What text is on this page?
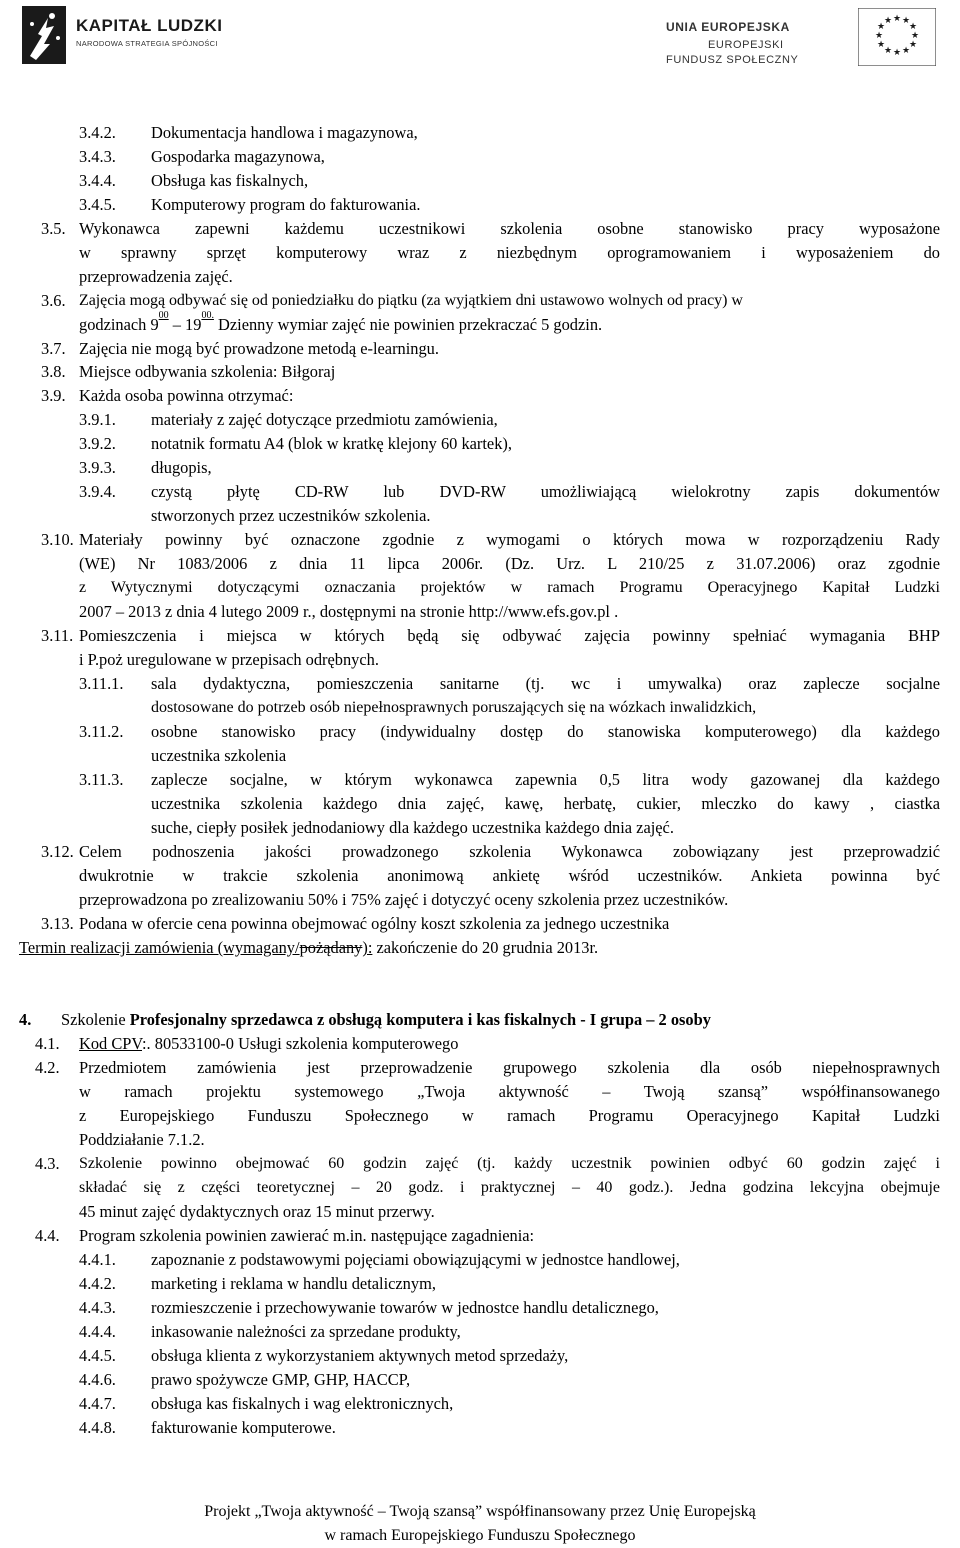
KAPITAŁ LUDZKI
NARODOWA STRATEGIA SPÓJNOŚCI
UNIA EUROPEJSKA
EUROPEJSKI
FUNDUSZ SPOŁECZNY
★ ★
★
★
★
★
★
★
★
★
★
★
3.4.2. Dokumentacja handlowa i magazynowa,
3.4.3. Gospodarka magazynowa,
3.4.4. Obsługa kas fiskalnych,
3.4.5. Komputerowy program do fakturowania.
3.5. Wykonawca zapewni każdemu uczestnikowi szkolenia osobne stanowisko pracy wyposażone
w sprawny sprzęt komputerowy wraz z niezbędnym oprogramowaniem i wyposażeniem do
przeprowadzenia zajęć.
3.6. Zajęcia mogą odbywać się od poniedziałku do piątku (za wyjątkiem dni ustawowo wolnych od pracy) w
godzinach $9^{00} - 19^{00.}$ Dzienny wymiar zajęć nie powinien przekraczać 5 godzin.
3.7. Zajęcia nie mogą być prowadzone metodą e-learningu.
3.8. Miejsce odbywania szkolenia: Biłgoraj
3.9. Każda osoba powinna otrzymać:
3.9.1. materiały z zajęć dotyczące przedmiotu zamówienia,
3.9.2. notatnik formatu A4 (blok w kratkę klejony 60 kartek),
3.9.3. długopis,
3.9.4. czystą płytę CD-RW lub DVD-RW umożliwiającą wielokrotny zapis dokumentów
stworzonych przez uczestników szkolenia.
3.10. Materiały powinny być oznaczone zgodnie z wymogami o których mowa w rozporządzeniu Rady
(WE) Nr 1083/2006 z dnia 11 lipca 2006r. (Dz. Urz. L 210/25 z 31.07.2006) oraz zgodnie
z Wytycznymi dotyczącymi oznaczania projektów w ramach Programu Operacyjnego Kapitał Ludzki
2007 – 2013 z dnia 4 lutego 2009 r., dostępnymi na stronie http://www.efs.gov.pl .
3.11. Pomieszczenia i miejsca w których będą się odbywać zajęcia powinny spełniać wymagania BHP
i P.poż uregulowane w przepisach odrębnych.
3.11.1. sala dydaktyczna, pomieszczenia sanitarne (tj. wc i umywalka) oraz zaplecze socjalne
dostosowane do potrzeb osób niepełnosprawnych poruszających się na wózkach inwalidzkich,
3.11.2. osobne stanowisko pracy (indywidualny dostęp do stanowiska komputerowego) dla każdego
uczestnika szkolenia
3.11.3. zaplecze socjalne, w którym wykonawca zapewnia 0,5 litra wody gazowanej dla każdego
uczestnika szkolenia każdego dnia zajęć, kawę, herbatę, cukier, mleczko do kawy , ciastka
suche, ciepły posiłek jednodaniowy dla każdego uczestnika każdego dnia zajęć.
3.12. Celem podnoszenia jakości prowadzonego szkolenia Wykonawca zobowiązany jest przeprowadzić
dwukrotnie w trakcie szkolenia anonimową ankietę wśród uczestników. Ankieta powinna być
przeprowadzona po zrealizowaniu 50% i 75% zajęć i dotyczyć oceny szkolenia przez uczestników.
3.13. Podana w ofercie cena powinna obejmować ogólny koszt szkolenia za jednego uczestnika
Termin realizacji zamówienia (wymagany/pożądany): zakończenie do 20 grudnia 2013r.
4. Szkolenie Profesjonalny sprzedawca z obsługą komputera i kas fiskalnych - I grupa – 2 osoby
4.1. Kod CPV:. 80533100-0 Usługi szkolenia komputerowego
4.2. Przedmiotem zamówienia jest przeprowadzenie grupowego szkolenia dla osób niepełnosprawnych
w ramach projektu systemowego „Twoja aktywność – Twoją szansą” współfinansowanego
z Europejskiego Funduszu Społecznego w ramach Programu Operacyjnego Kapitał Ludzki
Poddziałanie 7.1.2.
4.3. Szkolenie powinno obejmować 60 godzin zajęć (tj. każdy uczestnik powinien odbyć 60 godzin zajęć i
składać się z części teoretycznej – 20 godz. i praktycznej – 40 godz.). Jedna godzina lekcyjna obejmuje
45 minut zajęć dydaktycznych oraz 15 minut przerwy.
4.4. Program szkolenia powinien zawierać m.in. następujące zagadnienia:
4.4.1. zapoznanie z podstawowymi pojęciami obowiązującymi w jednostce handlowej,
4.4.2. marketing i reklama w handlu detalicznym,
4.4.3. rozmieszczenie i przechowywanie towarów w jednostce handlu detalicznego,
4.4.4. inkasowanie należności za sprzedane produkty,
4.4.5. obsługa klienta z wykorzystaniem aktywnych metod sprzedaży,
4.4.6. prawo spożywcze GMP, GHP, HACCP,
4.4.7. obsługa kas fiskalnych i wag elektronicznych,
4.4.8. fakturowanie komputerowe.
Projekt „Twoja aktywność – Twoją szansą” współfinansowany przez Unię Europejską
w ramach Europejskiego Funduszu Społecznego
